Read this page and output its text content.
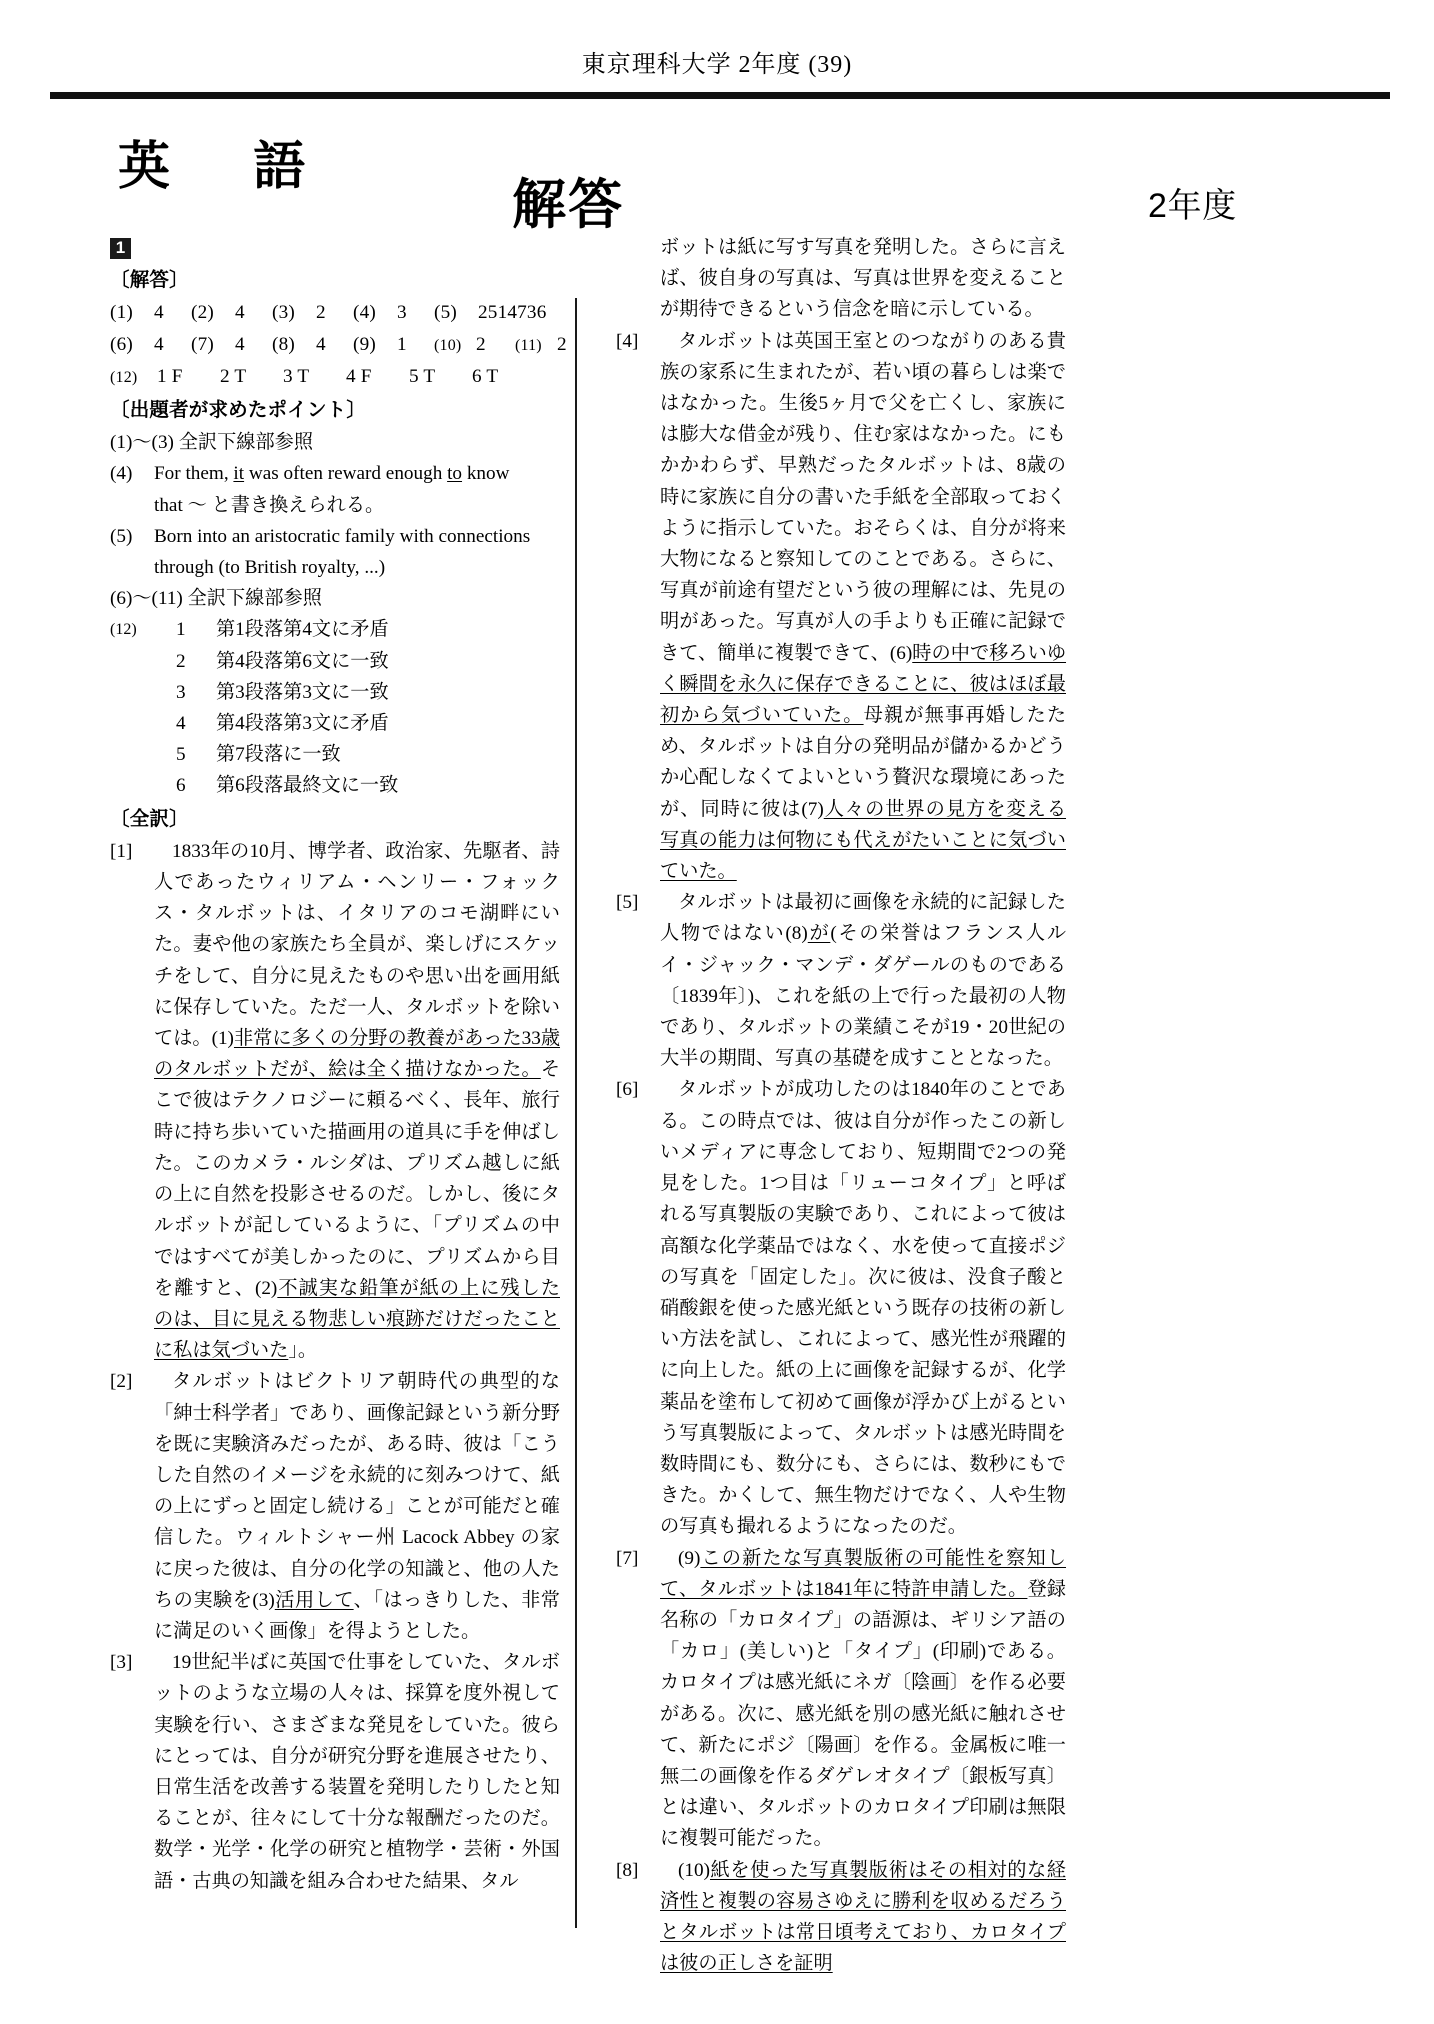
東京理科大学 2年度 (39)
英　語
解答	2年度
1
〔解答〕
(1) 4 (2) 4 (3) 2 (4) 3 (5) 2514736
(6) 4 (7) 4 (8) 4 (9) 1 (10) 2 (11) 2
(12) 1 F 2 T 3 T 4 F 5 T 6 T
〔出題者が求めたポイント〕
(1)〜(3) 全訳下線部参照
(4) For them, it was often reward enough to know
that 〜 と書き換えられる。
(5) Born into an aristocratic family with connections
through (to British royalty, ...)
(6)〜(11) 全訳下線部参照
(12) 1 第1段落第4文に矛盾
2 第4段落第6文に一致
3 第3段落第3文に一致
4 第4段落第3文に矛盾
5 第7段落に一致
6 第6段落最終文に一致
〔全訳〕
[1] 1833年の10月、博学者、政治家、先駆者、詩人であったウィリアム・ヘンリー・フォックス・タルボットは、イタリアのコモ湖畔にいた。妻や他の家族たち全員が、楽しげにスケッチをして、自分に見えたものや思い出を画用紙に保存していた。ただ一人、タルボットを除いては。(1)非常に多くの分野の教養があった33歳のタルボットだが、絵は全く描けなかった。そこで彼はテクノロジーに頼るべく、長年、旅行時に持ち歩いていた描画用の道具に手を伸ばした。このカメラ・ルシダは、プリズム越しに紙の上に自然を投影させるのだ。しかし、後にタルボットが記しているように、「プリズムの中ではすべてが美しかったのに、プリズムから目を離すと、(2)不誠実な鉛筆が紙の上に残したのは、目に見える物悲しい痕跡だけだったことに私は気づいた」。
[2] タルボットはビクトリア朝時代の典型的な「紳士科学者」であり、画像記録という新分野を既に実験済みだったが、ある時、彼は「こうした自然のイメージを永続的に刻みつけて、紙の上にずっと固定し続ける」ことが可能だと確信した。ウィルトシャー州 Lacock Abbey の家に戻った彼は、自分の化学の知識と、他の人たちの実験を(3)活用して、「はっきりした、非常に満足のいく画像」を得ようとした。
[3] 19世紀半ばに英国で仕事をしていた、タルボットのような立場の人々は、採算を度外視して実験を行い、さまざまな発見をしていた。彼らにとっては、自分が研究分野を進展させたり、日常生活を改善する装置を発明したりしたと知ることが、往々にして十分な報酬だったのだ。数学・光学・化学の研究と植物学・芸術・外国語・古典の知識を組み合わせた結果、タル
ボットは紙に写す写真を発明した。さらに言えば、彼自身の写真は、写真は世界を変えることが期待できるという信念を暗に示している。
[4] タルボットは英国王室とのつながりのある貴族の家系に生まれたが、若い頃の暮らしは楽ではなかった。生後5ヶ月で父を亡くし、家族には膨大な借金が残り、住む家はなかった。にもかかわらず、早熟だったタルボットは、8歳の時に家族に自分の書いた手紙を全部取っておくように指示していた。おそらくは、自分が将来大物になると察知してのことである。さらに、写真が前途有望だという彼の理解には、先見の明があった。写真が人の手よりも正確に記録できて、簡単に複製できて、(6)時の中で移ろいゆく瞬間を永久に保存できることに、彼はほぼ最初から気づいていた。母親が無事再婚したため、タルボットは自分の発明品が儲かるかどうか心配しなくてよいという贅沢な環境にあったが、同時に彼は(7)人々の世界の見方を変える写真の能力は何物にも代えがたいことに気づいていた。
[5] タルボットは最初に画像を永続的に記録した人物ではない(8)が(その栄誉はフランス人ルイ・ジャック・マンデ・ダゲールのものである〔1839年〕)、これを紙の上で行った最初の人物であり、タルボットの業績こそが19・20世紀の大半の期間、写真の基礎を成すこととなった。
[6] タルボットが成功したのは1840年のことである。この時点では、彼は自分が作ったこの新しいメディアに専念しており、短期間で2つの発見をした。1つ目は「リューコタイプ」と呼ばれる写真製版の実験であり、これによって彼は高額な化学薬品ではなく、水を使って直接ポジの写真を「固定した」。次に彼は、没食子酸と硝酸銀を使った感光紙という既存の技術の新しい方法を試し、これによって、感光性が飛躍的に向上した。紙の上に画像を記録するが、化学薬品を塗布して初めて画像が浮かび上がるという写真製版によって、タルボットは感光時間を数時間にも、数分にも、さらには、数秒にもできた。かくして、無生物だけでなく、人や生物の写真も撮れるようになったのだ。
[7] (9)この新たな写真製版術の可能性を察知して、タルボットは1841年に特許申請した。登録名称の「カロタイプ」の語源は、ギリシア語の「カロ」(美しい)と「タイプ」(印刷)である。カロタイプは感光紙にネガ〔陰画〕を作る必要がある。次に、感光紙を別の感光紙に触れさせて、新たにポジ〔陽画〕を作る。金属板に唯一無二の画像を作るダゲレオタイプ〔銀板写真〕とは違い、タルボットのカロタイプ印刷は無限に複製可能だった。
[8] (10)紙を使った写真製版術はその相対的な経済性と複製の容易さゆえに勝利を収めるだろうとタルボットは常日頃考えており、カロタイプは彼の正しさを証明
